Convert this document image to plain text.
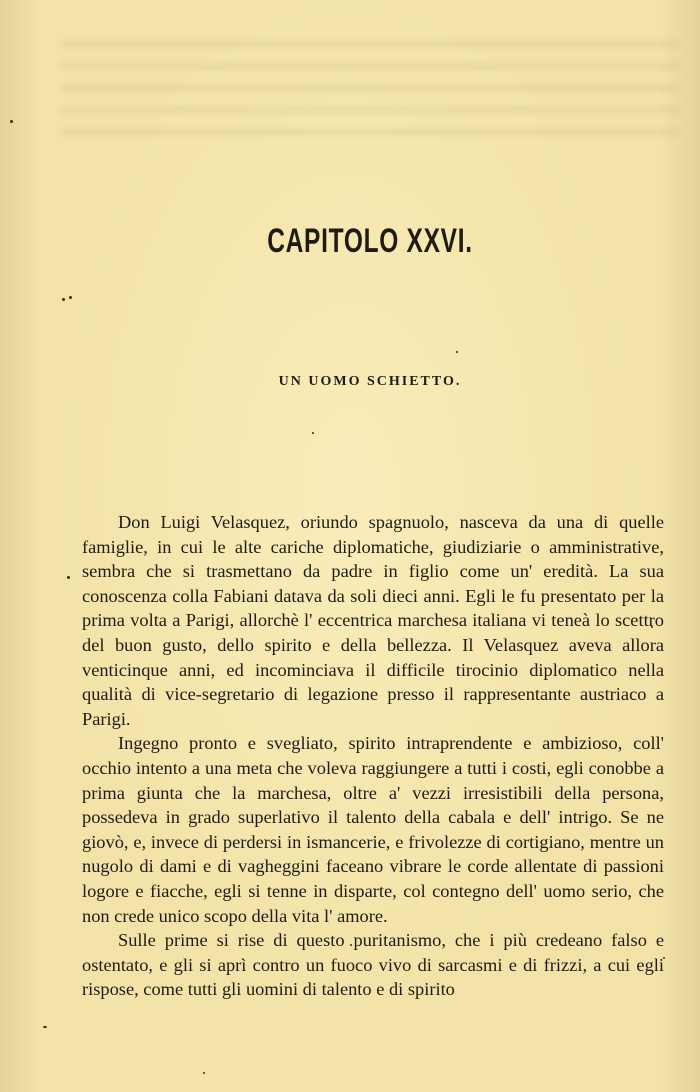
CAPITOLO XXVI.
UN UOMO SCHIETTO.

Don Luigi Velasquez, oriundo spagnuolo, nasceva da una di quelle famiglie, in cui le alte cariche diplomatiche, giudiziarie o amministrative, sembra che si trasmettano da padre in figlio come un' eredità. La sua conoscenza colla Fabiani datava da soli dieci anni. Egli le fu presentato per la prima volta a Parigi, allorchè l' eccentrica marchesa italiana vi teneà lo scettro del buon gusto, dello spirito e della bellezza. Il Velasquez aveva allora venticinque anni, ed incominciava il difficile tirocinio diplomatico nella qualità di vice-segretario di legazione presso il rappresentante austriaco a Parigi.

Ingegno pronto e svegliato, spirito intraprendente e ambizioso, coll' occhio intento a una meta che voleva raggiungere a tutti i costi, egli conobbe a prima giunta che la marchesa, oltre a' vezzi irresistibili della persona, possedeva in grado superlativo il talento della cabala e dell' intrigo. Se ne giovò, e, invece di perdersi in ismancerie, e frivolezze di cortigiano, mentre un nugolo di dami e di vagheggini faceano vibrare le corde allentate di passioni logore e fiacche, egli si tenne in disparte, col contegno dell' uomo serio, che non crede unico scopo della vita l' amore.

Sulle prime si rise di questo puritanismo, che i più credeano falso e ostentato, e gli si aprì contro un fuoco vivo di sarcasmi e di frizzi, a cui egli rispose, come tutti gli uomini di talento e di spirito
